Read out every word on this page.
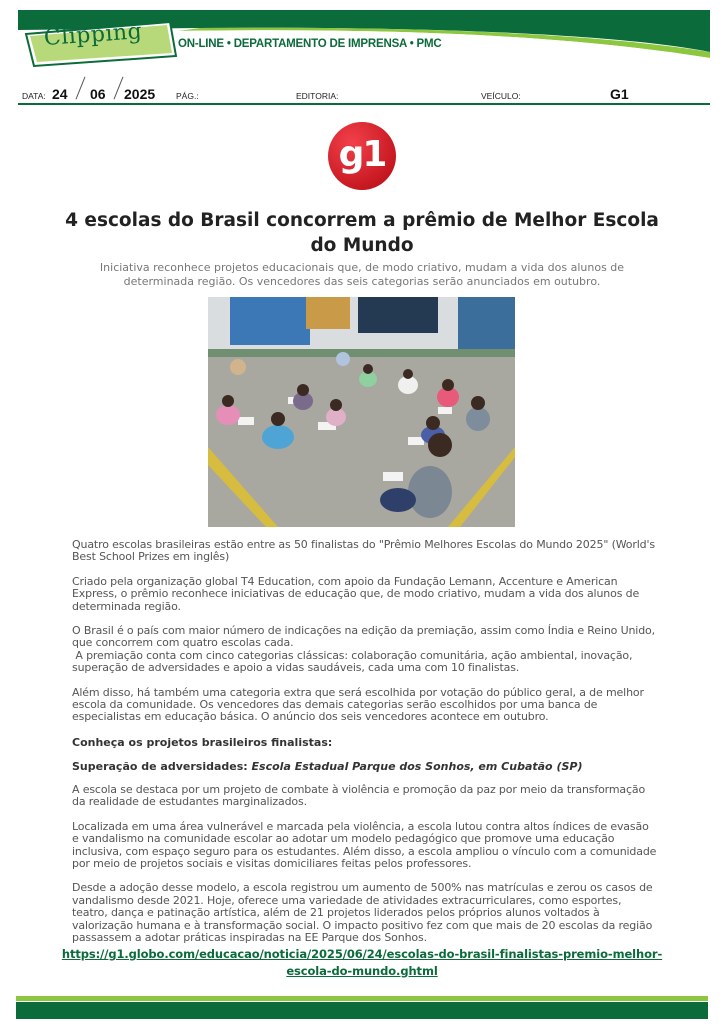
Clipping	ON-LINE • DEPARTAMENTO DE IMPRENSA • PMC
DATA: 24 06 2025 PÁG.:	EDITORIA:	VEÍCULO:	G1
g1
4 escolas do Brasil concorrem a prêmio de Melhor Escola do Mundo
Iniciativa reconhece projetos educacionais que, de modo criativo, mudam a vida dos alunos de determinada região. Os vencedores das seis categorias serão anunciados em outubro.

Quatro escolas brasileiras estão entre as 50 finalistas do "Prêmio Melhores Escolas do Mundo 2025" (World's Best School Prizes em inglês)

Criado pela organização global T4 Education, com apoio da Fundação Lemann, Accenture e American Express, o prêmio reconhece iniciativas de educação que, de modo criativo, mudam a vida dos alunos de determinada região.

O Brasil é o país com maior número de indicações na edição da premiação, assim como Índia e Reino Unido, que concorrem com quatro escolas cada.

A premiação conta com cinco categorias clássicas: colaboração comunitária, ação ambiental, inovação, superação de adversidades e apoio a vidas saudáveis, cada uma com 10 finalistas.

Além disso, há também uma categoria extra que será escolhida por votação do público geral, a de melhor escola da comunidade. Os vencedores das demais categorias serão escolhidos por uma banca de especialistas em educação básica. O anúncio dos seis vencedores acontece em outubro.

Conheça os projetos brasileiros finalistas:

Superação de adversidades: Escola Estadual Parque dos Sonhos, em Cubatão (SP)

A escola se destaca por um projeto de combate à violência e promoção da paz por meio da transformação da realidade de estudantes marginalizados.

Localizada em uma área vulnerável e marcada pela violência, a escola lutou contra altos índices de evasão e vandalismo na comunidade escolar ao adotar um modelo pedagógico que promove uma educação inclusiva, com espaço seguro para os estudantes. Além disso, a escola ampliou o vínculo com a comunidade por meio de projetos sociais e visitas domiciliares feitas pelos professores.

Desde a adoção desse modelo, a escola registrou um aumento de 500% nas matrículas e zerou os casos de vandalismo desde 2021. Hoje, oferece uma variedade de atividades extracurriculares, como esportes, teatro, dança e patinação artística, além de 21 projetos liderados pelos próprios alunos voltados à valorização humana e à transformação social. O impacto positivo fez com que mais de 20 escolas da região passassem a adotar práticas inspiradas na EE Parque dos Sonhos.

https://g1.globo.com/educacao/noticia/2025/06/24/escolas-do-brasil-finalistas-premio-melhor-escola-do-mundo.ghtml
